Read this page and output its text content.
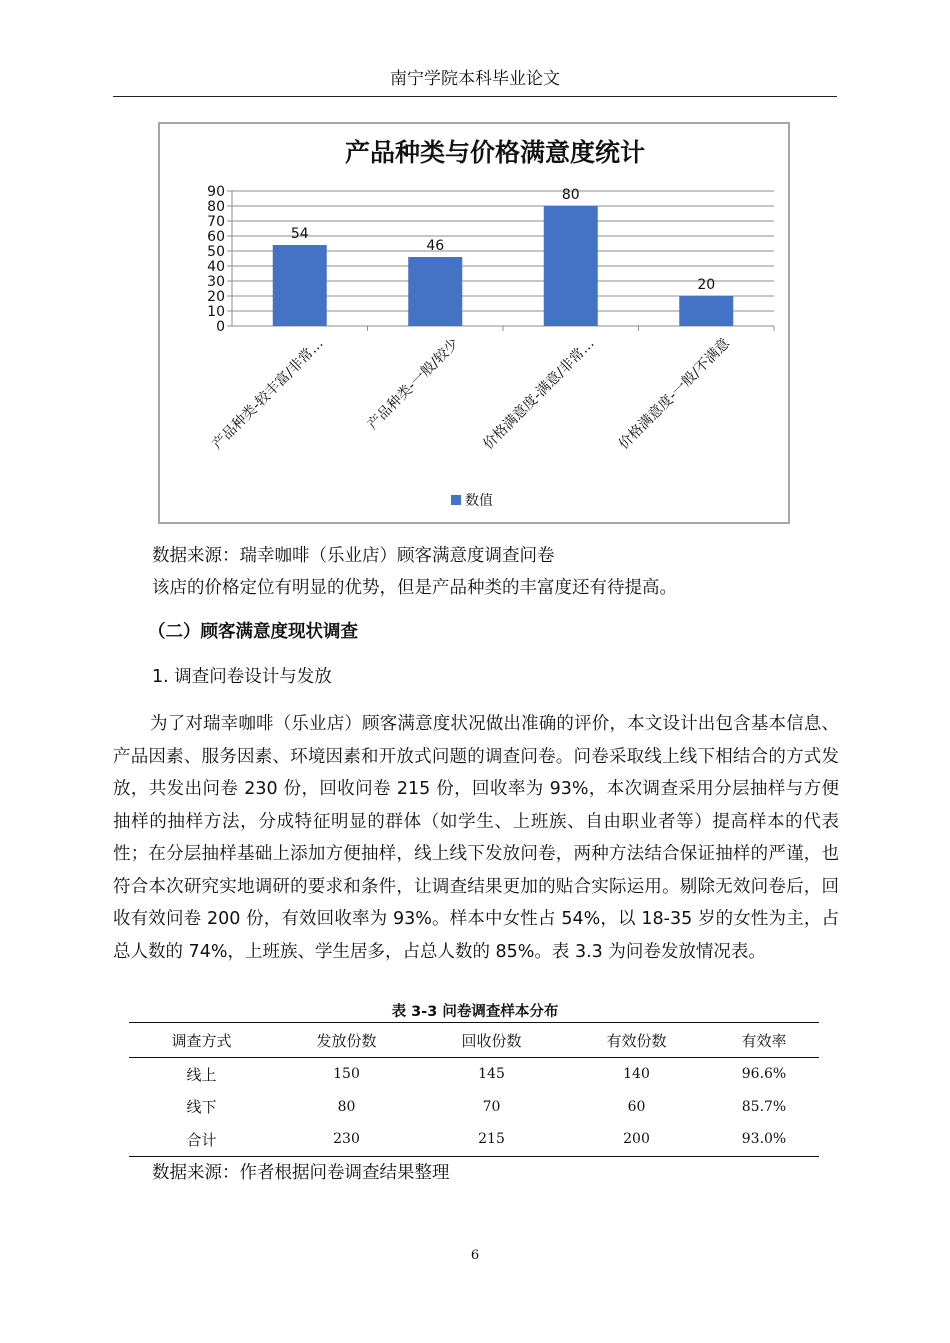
南宁学院本科毕业论文
产品种类与价格满意度统计
0
10
20
30
40
50
60
70
80
90
54
产品种类-较丰富/非常…
46
产品种类-一般/较少
80
价格满意度-满意/非常…
20
价格满意度-一般/不满意
数值
数据来源：瑞幸咖啡（乐业店）顾客满意度调查问卷
该店的价格定位有明显的优势，但是产品种类的丰富度还有待提高。
（二）顾客满意度现状调查
1. 调查问卷设计与发放

为了对瑞幸咖啡（乐业店）顾客满意度状况做出准确的评价，本文设计出包含基本信息、产品因素、服务因素、环境因素和开放式问题的调查问卷。问卷采取线上线下相结合的方式发放，共发出问卷 230 份，回收问卷 215 份，回收率为 93%，本次调查采用分层抽样与方便抽样的抽样方法，分成特征明显的群体（如学生、上班族、自由职业者等）提高样本的代表性；在分层抽样基础上添加方便抽样，线上线下发放问卷，两种方法结合保证抽样的严谨，也符合本次研究实地调研的要求和条件，让调查结果更加的贴合实际运用。剔除无效问卷后，回收有效问卷 200 份，有效回收率为 93%。样本中女性占 54%，以 18-35 岁的女性为主，占总人数的 74%，上班族、学生居多，占总人数的 85%。表 3.3 为问卷发放情况表。

表 3-3 问卷调查样本分布
调查方式	发放份数	回收份数	有效份数	有效率
线上	150	145	140	96.6%
线下	80	70	60	85.7%
合计	230	215	200	93.0%
数据来源：作者根据问卷调查结果整理
6
